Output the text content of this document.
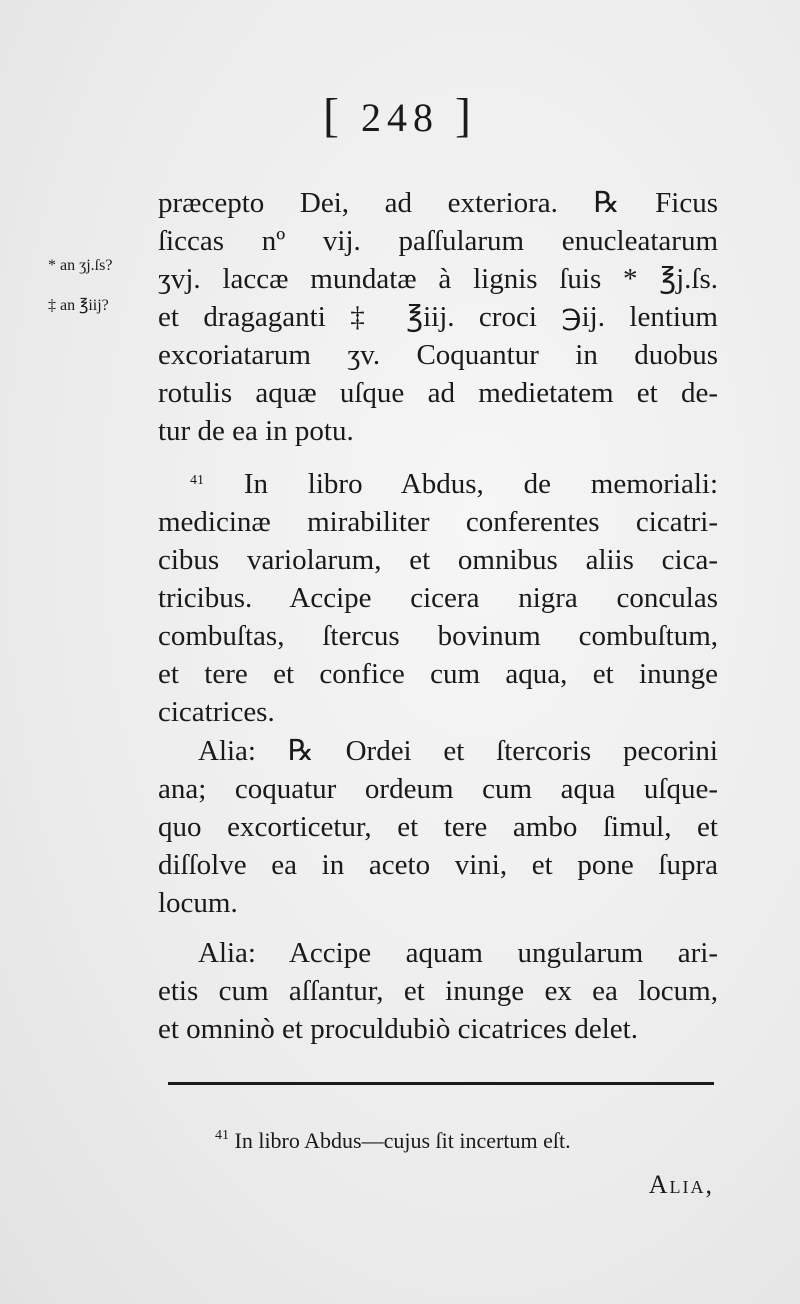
[ 248 ]
* an ʒj.ſs?
‡ an ℥iij?
præcepto Dei, ad exteriora. ℞ Ficus
ſiccas nº vij. paſſularum enucleatarum
ʒvj. laccæ mundatæ à lignis ſuis * ℥j.ſs.
et dragaganti ‡ ℥iij. croci ℈ij. lentium
excoriatarum ʒv. Coquantur in duobus
rotulis aquæ uſque ad medietatem et de-
tur de ea in potu.
$^{41}$ In libro Abdus, de memoriali:
medicinæ mirabiliter conferentes cicatri-
cibus variolarum, et omnibus aliis cica-
tricibus. Accipe cicera nigra conculas
combuſtas, ſtercus bovinum combuſtum,
et tere et confice cum aqua, et inunge
cicatrices.
Alia: ℞ Ordei et ſtercoris pecorini
ana; coquatur ordeum cum aqua uſque-
quo excorticetur, et tere ambo ſimul, et
diſſolve ea in aceto vini, et pone ſupra
locum.
Alia: Accipe aquam ungularum ari-
etis cum aſſantur, et inunge ex ea locum,
et omninò et proculdubiò cicatrices delet.
$^{41}$ In libro Abdus—cujus ſit incertum eſt.
Alia,
